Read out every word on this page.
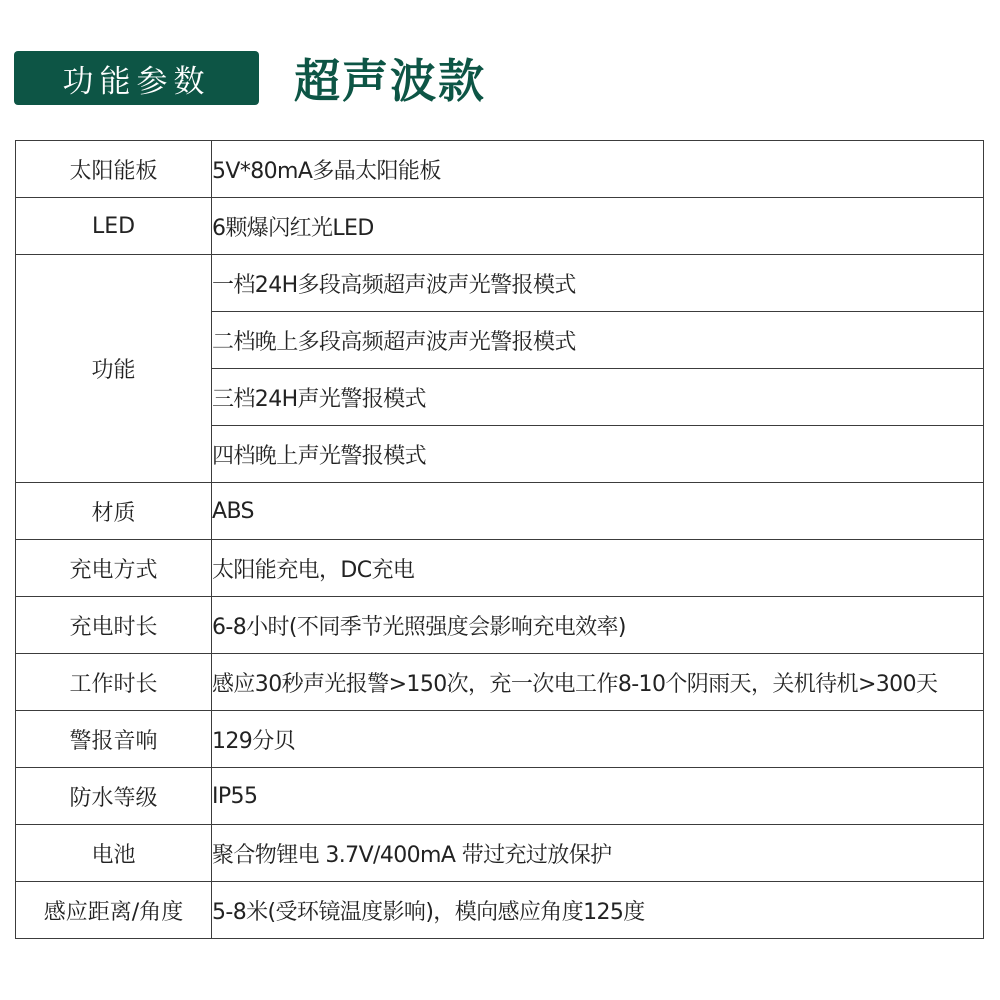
功能参数 超声波款
太阳能板	5V*80mA多晶太阳能板
LED	6颗爆闪红光LED
功能	一档24H多段高频超声波声光警报模式
	二档晚上多段高频超声波声光警报模式
	三档24H声光警报模式
	四档晚上声光警报模式
材质	ABS
充电方式	太阳能充电，DC充电
充电时长	6-8小时(不同季节光照强度会影响充电效率)
工作时长	感应30秒声光报警>150次，充一次电工作8-10个阴雨天，关机待机>300天
警报音响	129分贝
防水等级	IP55
电池	聚合物锂电 3.7V/400mA 带过充过放保护
感应距离/角度	5-8米(受环镜温度影响)，模向感应角度125度
